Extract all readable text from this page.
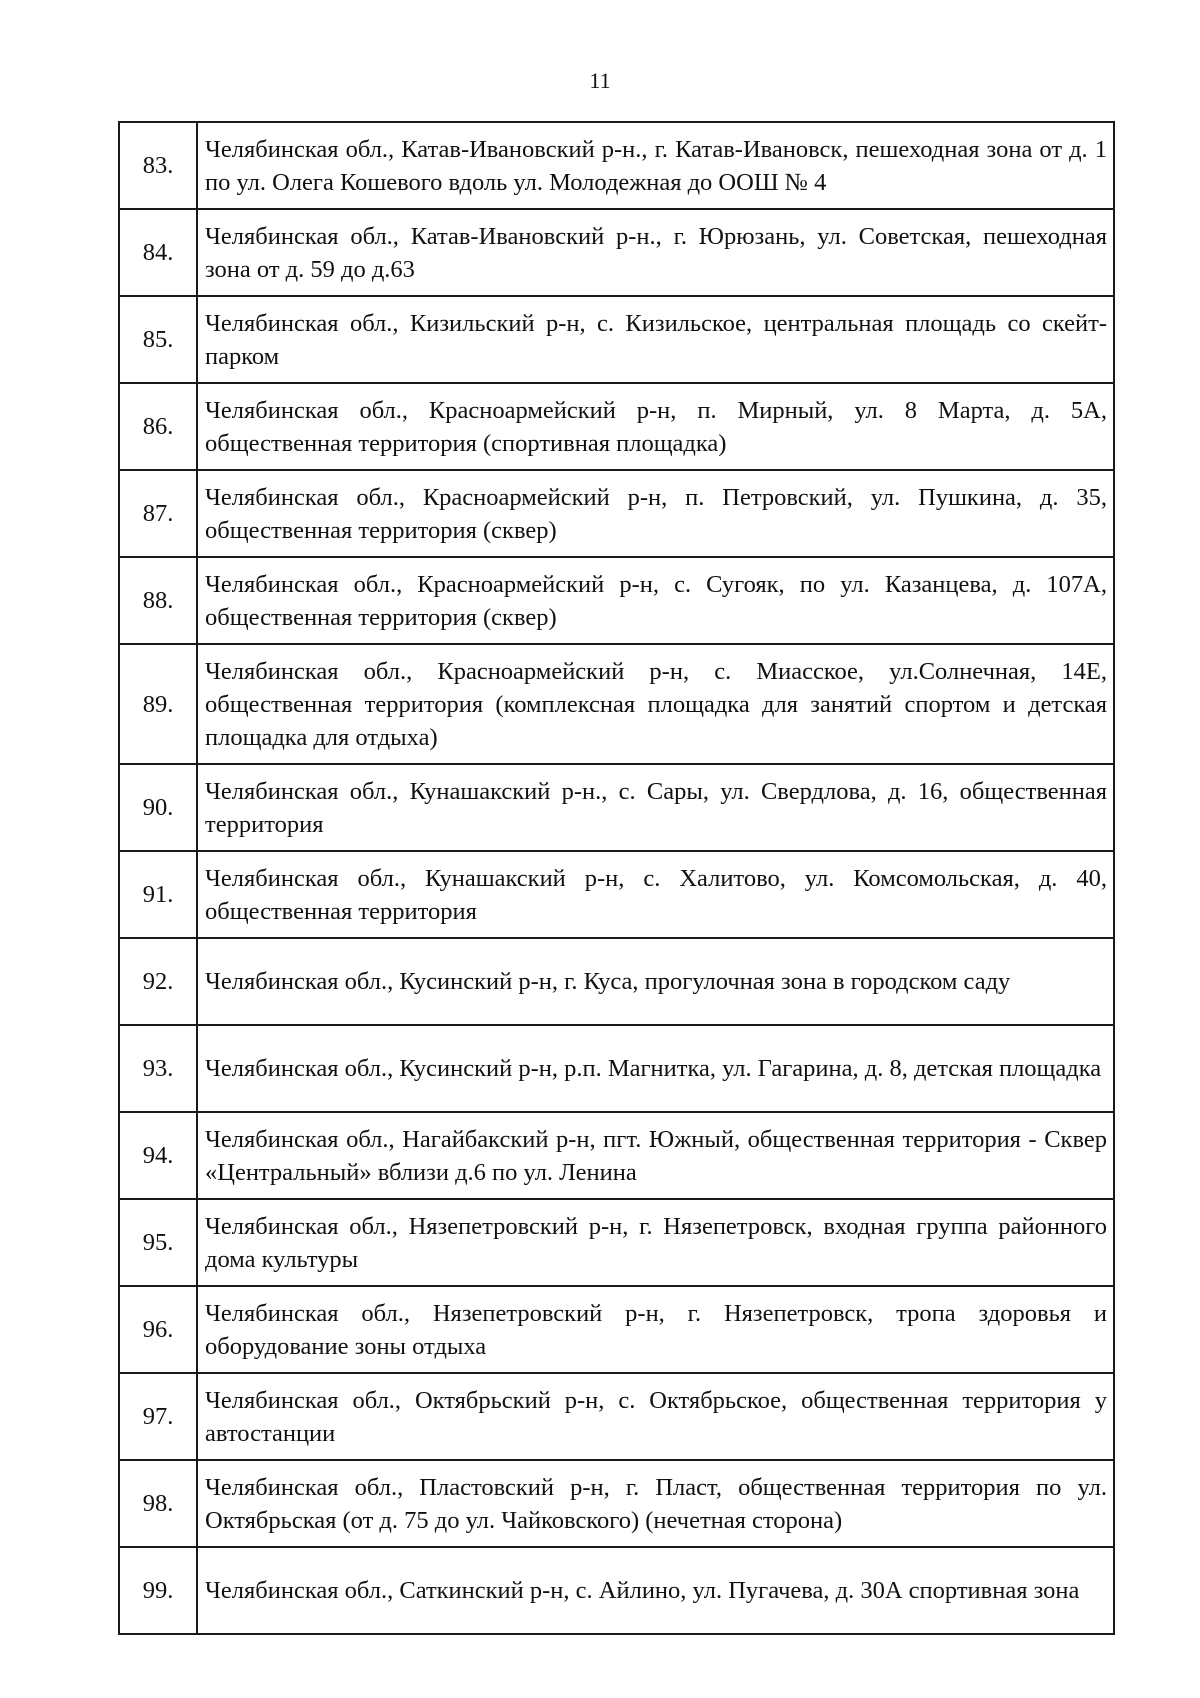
11
83.	Челябинская обл., Катав-Ивановский р-н., г. Катав-Ивановск, пешеходная зона от д. 1 по ул. Олега Кошевого вдоль ул. Молодежная до ООШ № 4
84.	Челябинская обл., Катав-Ивановский р-н., г. Юрюзань, ул. Советская, пешеходная зона от д. 59 до д.63
85.	Челябинская обл., Кизильский р-н, с. Кизильское, центральная площадь со скейт-парком
86.	Челябинская обл., Красноармейский р-н, п. Мирный, ул. 8 Марта, д. 5А, общественная территория (спортивная площадка)
87.	Челябинская обл., Красноармейский р-н, п. Петровский, ул. Пушкина, д. 35, общественная территория (сквер)
88.	Челябинская обл., Красноармейский р-н, с. Сугояк, по ул. Казанцева, д. 107А, общественная территория (сквер)
89.	Челябинская обл., Красноармейский р-н, с. Миасское, ул.Солнечная, 14Е, общественная территория (комплексная площадка для занятий спортом и детская площадка для отдыха)
90.	Челябинская обл., Кунашакский р-н., с. Сары, ул. Свердлова, д. 16, общественная территория
91.	Челябинская обл., Кунашакский р-н, с. Халитово, ул. Комсомольская, д. 40, общественная территория
92.	Челябинская обл., Кусинский р-н, г. Куса, прогулочная зона в городском саду
93.	Челябинская обл., Кусинский р-н, р.п. Магнитка, ул. Гагарина, д. 8, детская площадка
94.	Челябинская обл., Нагайбакский р-н, пгт. Южный, общественная территория - Сквер «Центральный» вблизи д.6 по ул. Ленина
95.	Челябинская обл., Нязепетровский р-н, г. Нязепетровск, входная группа районного дома культуры
96.	Челябинская обл., Нязепетровский р-н, г. Нязепетровск, тропа здоровья и оборудование зоны отдыха
97.	Челябинская обл., Октябрьский р-н, с. Октябрьское, общественная территория у автостанции
98.	Челябинская обл., Пластовский р-н, г. Пласт, общественная территория по ул. Октябрьская (от д. 75 до ул. Чайковского) (нечетная сторона)
99.	Челябинская обл., Саткинский р-н, с. Айлино, ул. Пугачева, д. 30А спортивная зона
